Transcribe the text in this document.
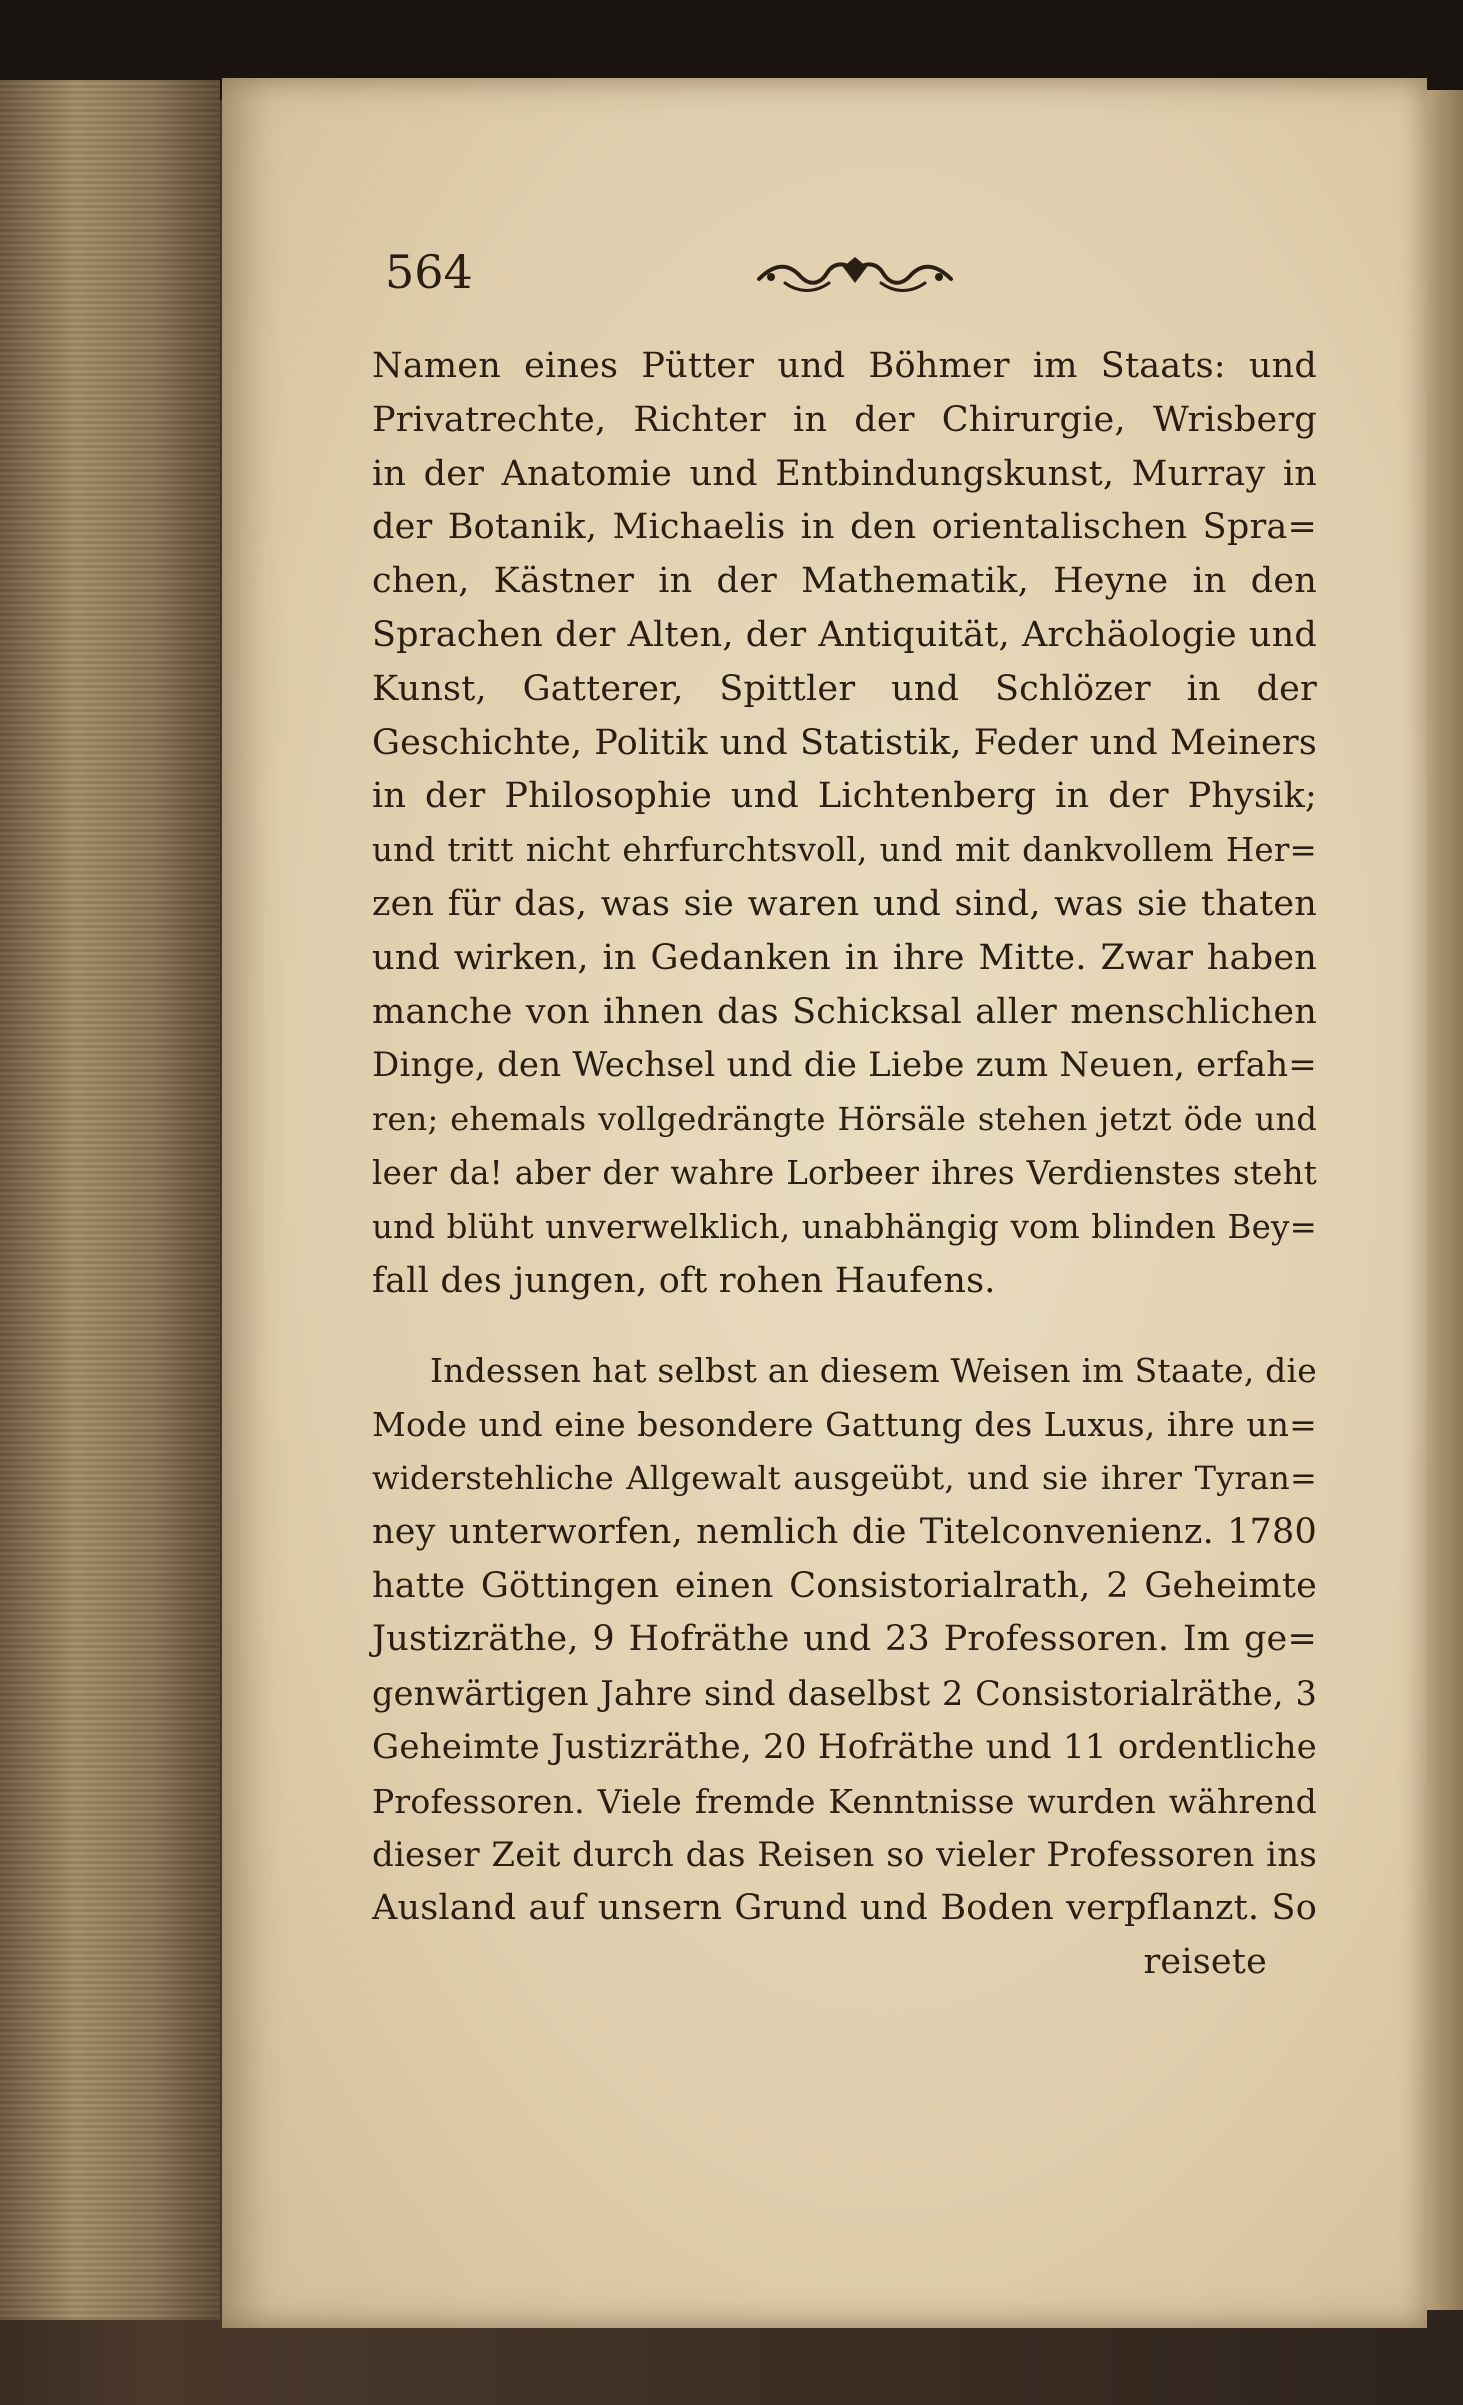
564
Namen eines Pütter und Böhmer im Staats: und
Privatrechte, Richter in der Chirurgie, Wrisberg
in der Anatomie und Entbindungskunst, Murray in
der Botanik, Michaelis in den orientalischen Spra=
chen, Kästner in der Mathematik, Heyne in den
Sprachen der Alten, der Antiquität, Archäologie und
Kunst, Gatterer, Spittler und Schlözer in der
Geschichte, Politik und Statistik, Feder und Meiners
in der Philosophie und Lichtenberg in der Physik;
und tritt nicht ehrfurchtsvoll, und mit dankvollem Her=
zen für das, was sie waren und sind, was sie thaten
und wirken, in Gedanken in ihre Mitte. Zwar haben
manche von ihnen das Schicksal aller menschlichen
Dinge, den Wechsel und die Liebe zum Neuen, erfah=
ren; ehemals vollgedrängte Hörsäle stehen jetzt öde und
leer da! aber der wahre Lorbeer ihres Verdienstes steht
und blüht unverwelklich, unabhängig vom blinden Bey=
fall des jungen, oft rohen Haufens.
Indessen hat selbst an diesem Weisen im Staate, die
Mode und eine besondere Gattung des Luxus, ihre un=
widerstehliche Allgewalt ausgeübt, und sie ihrer Tyran=
ney unterworfen, nemlich die Titelconvenienz. 1780
hatte Göttingen einen Consistorialrath, 2 Geheimte
Justizräthe, 9 Hofräthe und 23 Professoren. Im ge=
genwärtigen Jahre sind daselbst 2 Consistorialräthe, 3
Geheimte Justizräthe, 20 Hofräthe und 11 ordentliche
Professoren. Viele fremde Kenntnisse wurden während
dieser Zeit durch das Reisen so vieler Professoren ins
Ausland auf unsern Grund und Boden verpflanzt. So
reisete
